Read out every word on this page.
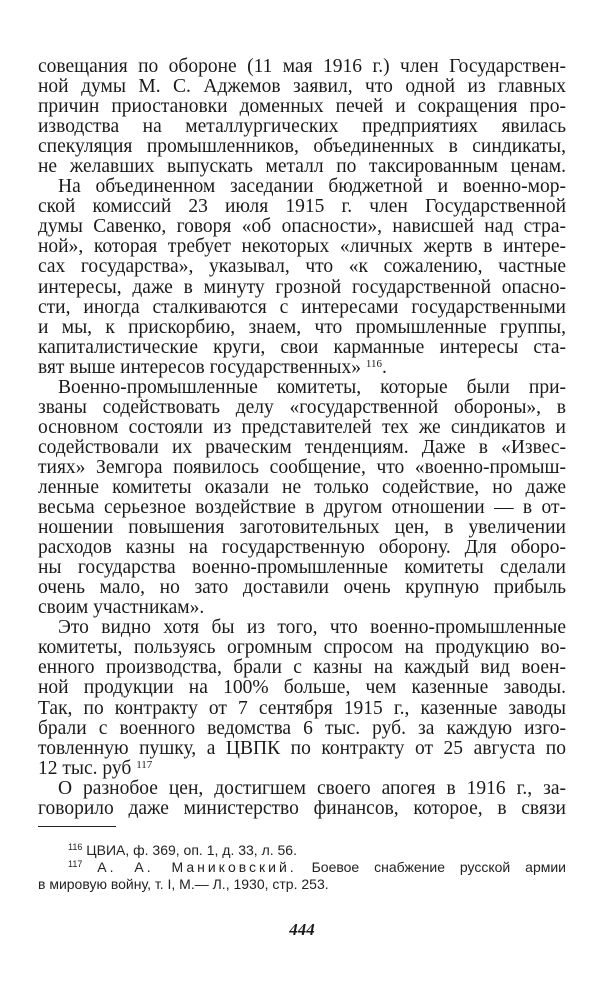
совещания по обороне (11 мая 1916 г.) член Государствен-
ной думы М. С. Аджемов заявил, что одной из главных
причин приостановки доменных печей и сокращения про-
изводства на металлургических предприятиях явилась
спекуляция промышленников, объединенных в синдикаты,
не желавших выпускать металл по таксированным ценам.
На объединенном заседании бюджетной и военно-мор-
ской комиссий 23 июля 1915 г. член Государственной
думы Савенко, говоря «об опасности», нависшей над стра-
ной», которая требует некоторых «личных жертв в интере-
сах государства», указывал, что «к сожалению, частные
интересы, даже в минуту грозной государственной опасно-
сти, иногда сталкиваются с интересами государственными
и мы, к прискорбию, знаем, что промышленные группы,
капиталистические круги, свои карманные интересы ста-
вят выше интересов государственных» $^{116}$.
Военно-промышленные комитеты, которые были при-
званы содействовать делу «государственной обороны», в
основном состояли из представителей тех же синдикатов и
содействовали их рваческим тенденциям. Даже в «Извес-
тиях» Земгора появилось сообщение, что «военно-промыш-
ленные комитеты оказали не только содействие, но даже
весьма серьезное воздействие в другом отношении — в от-
ношении повышения заготовительных цен, в увеличении
расходов казны на государственную оборону. Для оборо-
ны государства военно-промышленные комитеты сделали
очень мало, но зато доставили очень крупную прибыль
своим участникам».
Это видно хотя бы из того, что военно-промышленные
комитеты, пользуясь огромным спросом на продукцию во-
енного производства, брали с казны на каждый вид воен-
ной продукции на 100% больше, чем казенные заводы.
Так, по контракту от 7 сентября 1915 г., казенные заводы
брали с военного ведомства 6 тыс. руб. за каждую изго-
товленную пушку, а ЦВПК по контракту от 25 августа по
12 тыс. руб $^{117}$
О разнобое цен, достигшем своего апогея в 1916 г., за-
говорило даже министерство финансов, которое, в связи
$^{116}$ ЦВИА, ф. 369, оп. 1, д. 33, л. 56.
$^{117}$ А. А. Маниковский. Боевое снабжение русской армии
в мировую войну, т. I, М.— Л., 1930, стр. 253.
444
